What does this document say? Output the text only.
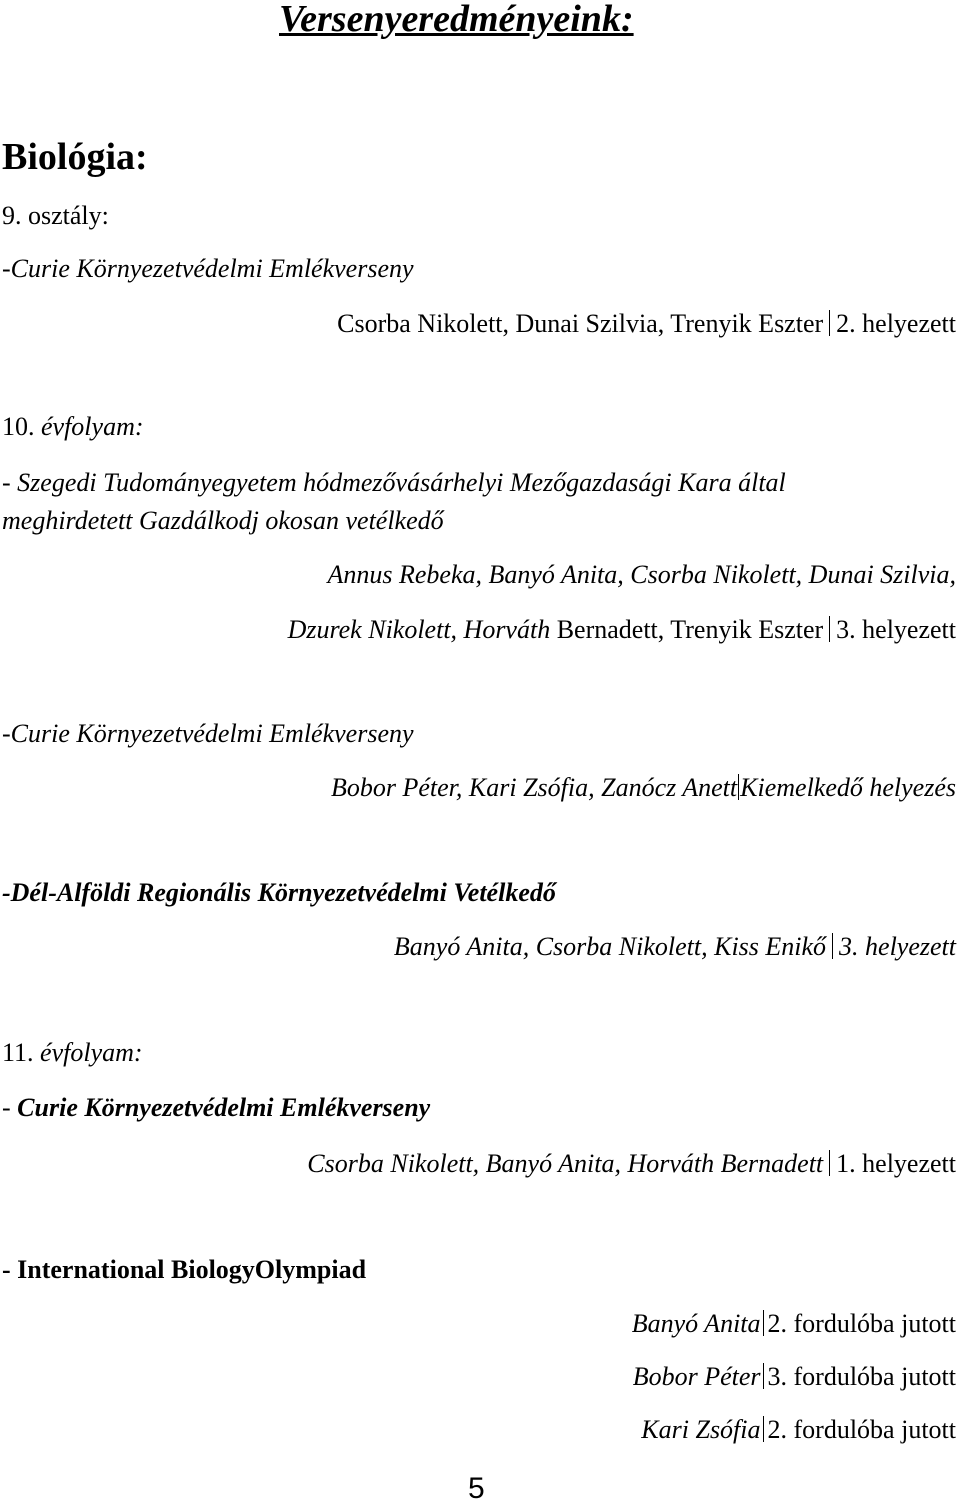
Versenyeredményeink:
Biológia:
9. osztály:
-Curie Környezetvédelmi Emlékverseny
Csorba Nikolett, Dunai Szilvia, Trenyik Eszter 2. helyezett
10. évfolyam:
- Szegedi Tudományegyetem hódmezővásárhelyi Mezőgazdasági Kara által
meghirdetett Gazdálkodj okosan vetélkedő
Annus Rebeka, Banyó Anita, Csorba Nikolett, Dunai Szilvia,
Dzurek Nikolett, Horváth Bernadett, Trenyik Eszter 3. helyezett
-Curie Környezetvédelmi Emlékverseny
Bobor Péter, Kari Zsófia, Zanócz Anett Kiemelkedő helyezés
-Dél-Alföldi Regionális Környezetvédelmi Vetélkedő
Banyó Anita, Csorba Nikolett, Kiss Enikő 3. helyezett
11. évfolyam:
- Curie Környezetvédelmi Emlékverseny
Csorba Nikolett, Banyó Anita, Horváth Bernadett 1. helyezett
- International BiologyOlympiad
Banyó Anita 2. fordulóba jutott
Bobor Péter 3. fordulóba jutott
Kari Zsófia 2. fordulóba jutott
5
